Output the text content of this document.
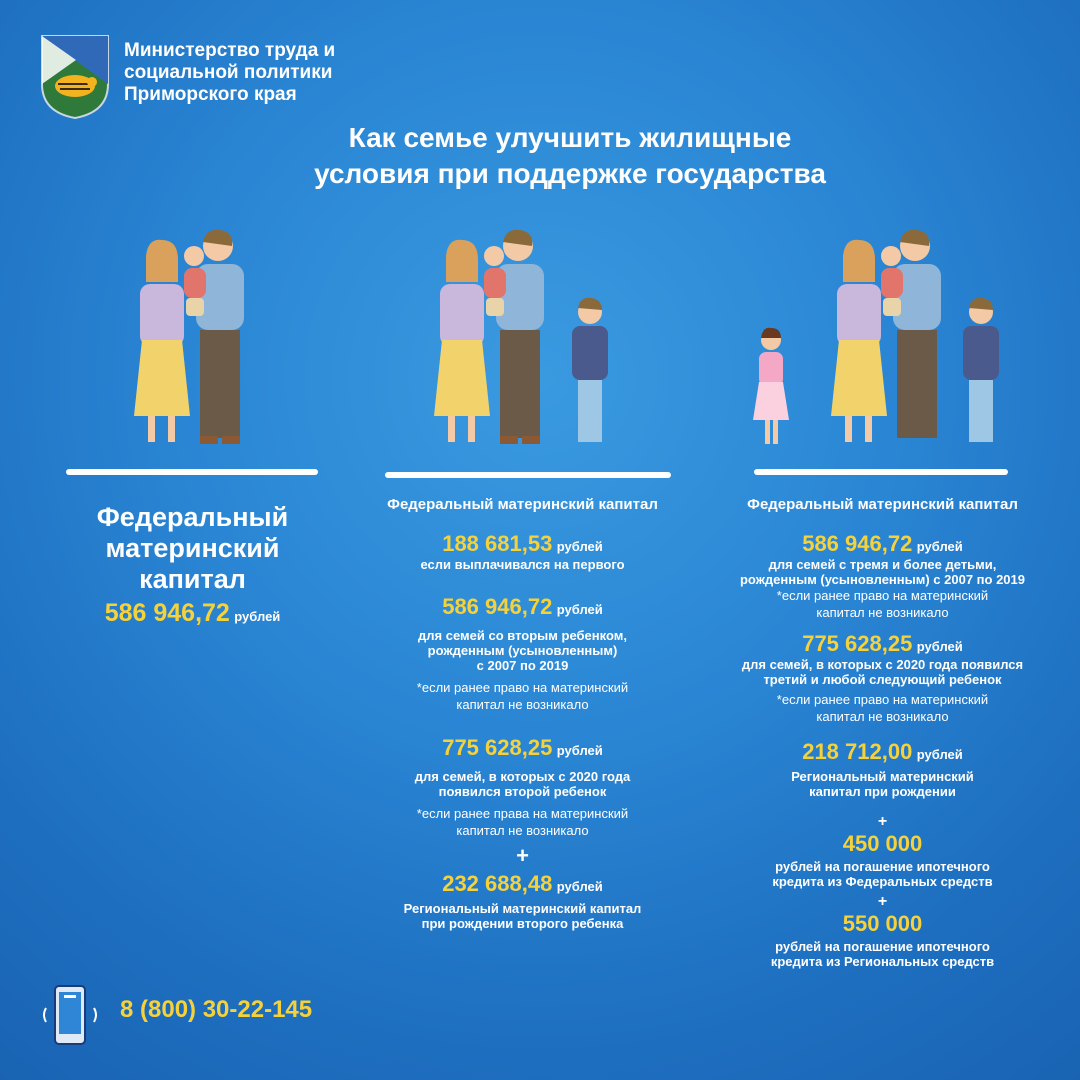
Министерство труда и
социальной политики
Приморского края
Как семье улучшить жилищные
условия при поддержке государства
Федеральный
материнский
капитал
586 946,72 рублей
Федеральный материнский капитал
188 681,53 рублей
если выплачивался на первого
586 946,72 рублей
для семей со вторым ребенком,
рожденным (усыновленным)
с 2007 по 2019
*если ранее право на материнский
капитал не возникало
775 628,25 рублей
для семей, в которых с 2020 года
появился второй ребенок
*если ранее права на материнский
капитал не возникало
+
232 688,48 рублей
Региональный материнский капитал
при рождении второго ребенка
Федеральный материнский капитал
586 946,72 рублей
для семей с тремя и более детьми,
рожденным (усыновленным) с 2007 по 2019
*если ранее право на материнский
капитал не возникало
775 628,25 рублей
для семей, в которых с 2020 года появился
третий и любой следующий ребенок
*если ранее право на материнский
капитал не возникало
218 712,00 рублей
Региональный материнский
капитал при рождении
+
450 000
рублей на погашение ипотечного
кредита из Федеральных средств
+
550 000
рублей на погашение ипотечного
кредита из Региональных средств
8 (800) 30-22-145
